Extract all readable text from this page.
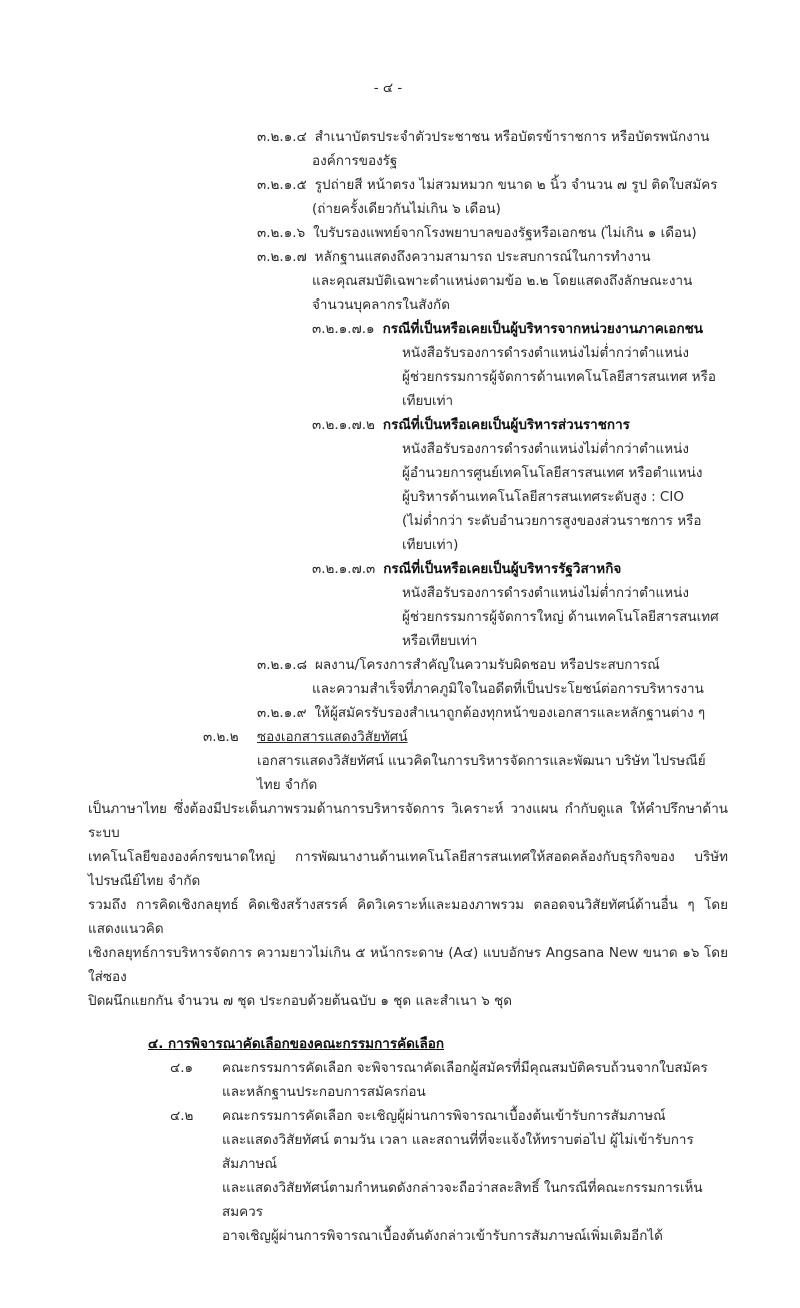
- ๔ -
๓.๒.๑.๔ สำเนาบัตรประจำตัวประชาชน หรือบัตรข้าราชการ หรือบัตรพนักงาน
องค์การของรัฐ
๓.๒.๑.๕ รูปถ่ายสี หน้าตรง ไม่สวมหมวก ขนาด ๒ นิ้ว จำนวน ๗ รูป ติดใบสมัคร
(ถ่ายครั้งเดียวกันไม่เกิน ๖ เดือน)
๓.๒.๑.๖ ใบรับรองแพทย์จากโรงพยาบาลของรัฐหรือเอกชน (ไม่เกิน ๑ เดือน)
๓.๒.๑.๗ หลักฐานแสดงถึงความสามารถ ประสบการณ์ในการทำงาน
และคุณสมบัติเฉพาะตำแหน่งตามข้อ ๒.๒ โดยแสดงถึงลักษณะงาน
จำนวนบุคลากรในสังกัด
๓.๒.๑.๗.๑ กรณีที่เป็นหรือเคยเป็นผู้บริหารจากหน่วยงานภาคเอกชน
หนังสือรับรองการดำรงตำแหน่งไม่ต่ำกว่าตำแหน่ง
ผู้ช่วยกรรมการผู้จัดการด้านเทคโนโลยีสารสนเทศ หรือเทียบเท่า
๓.๒.๑.๗.๒ กรณีที่เป็นหรือเคยเป็นผู้บริหารส่วนราชการ
หนังสือรับรองการดำรงตำแหน่งไม่ต่ำกว่าตำแหน่ง
ผู้อำนวยการศูนย์เทคโนโลยีสารสนเทศ หรือตำแหน่ง
ผู้บริหารด้านเทคโนโลยีสารสนเทศระดับสูง : CIO
(ไม่ต่ำกว่า ระดับอำนวยการสูงของส่วนราชการ หรือเทียบเท่า)
๓.๒.๑.๗.๓ กรณีที่เป็นหรือเคยเป็นผู้บริหารรัฐวิสาหกิจ
หนังสือรับรองการดำรงตำแหน่งไม่ต่ำกว่าตำแหน่ง
ผู้ช่วยกรรมการผู้จัดการใหญ่ ด้านเทคโนโลยีสารสนเทศ
หรือเทียบเท่า
๓.๒.๑.๘ ผลงาน/โครงการสำคัญในความรับผิดชอบ หรือประสบการณ์
และความสำเร็จที่ภาคภูมิใจในอดีตที่เป็นประโยชน์ต่อการบริหารงาน
๓.๒.๑.๙ ให้ผู้สมัครรับรองสำเนาถูกต้องทุกหน้าของเอกสารและหลักฐานต่าง ๆ
๓.๒.๒	ซองเอกสารแสดงวิสัยทัศน์
เอกสารแสดงวิสัยทัศน์ แนวคิดในการบริหารจัดการและพัฒนา บริษัท ไปรษณีย์ไทย จำกัด
เป็นภาษาไทย ซึ่งต้องมีประเด็นภาพรวมด้านการบริหารจัดการ วิเคราะห์ วางแผน กำกับดูแล ให้คำปรึกษาด้านระบบ
เทคโนโลยีขององค์กรขนาดใหญ่ การพัฒนางานด้านเทคโนโลยีสารสนเทศให้สอดคล้องกับธุรกิจของ บริษัท ไปรษณีย์ไทย จำกัด
รวมถึง การคิดเชิงกลยุทธ์ คิดเชิงสร้างสรรค์ คิดวิเคราะห์และมองภาพรวม ตลอดจนวิสัยทัศน์ด้านอื่น ๆ โดยแสดงแนวคิด
เชิงกลยุทธ์การบริหารจัดการ ความยาวไม่เกิน ๕ หน้ากระดาษ (A๔) แบบอักษร Angsana New ขนาด ๑๖ โดยใส่ซอง
ปิดผนึกแยกกัน จำนวน ๗ ชุด ประกอบด้วยต้นฉบับ ๑ ชุด และสำเนา ๖ ชุด
๔. การพิจารณาคัดเลือกของคณะกรรมการคัดเลือก
๔.๑	คณะกรรมการคัดเลือก จะพิจารณาคัดเลือกผู้สมัครที่มีคุณสมบัติครบถ้วนจากใบสมัคร
และหลักฐานประกอบการสมัครก่อน
๔.๒	คณะกรรมการคัดเลือก จะเชิญผู้ผ่านการพิจารณาเบื้องต้นเข้ารับการสัมภาษณ์
และแสดงวิสัยทัศน์ ตามวัน เวลา และสถานที่ที่จะแจ้งให้ทราบต่อไป ผู้ไม่เข้ารับการสัมภาษณ์
และแสดงวิสัยทัศน์ตามกำหนดดังกล่าวจะถือว่าสละสิทธิ์ ในกรณีที่คณะกรรมการเห็นสมควร
อาจเชิญผู้ผ่านการพิจารณาเบื้องต้นดังกล่าวเข้ารับการสัมภาษณ์เพิ่มเติมอีกได้
